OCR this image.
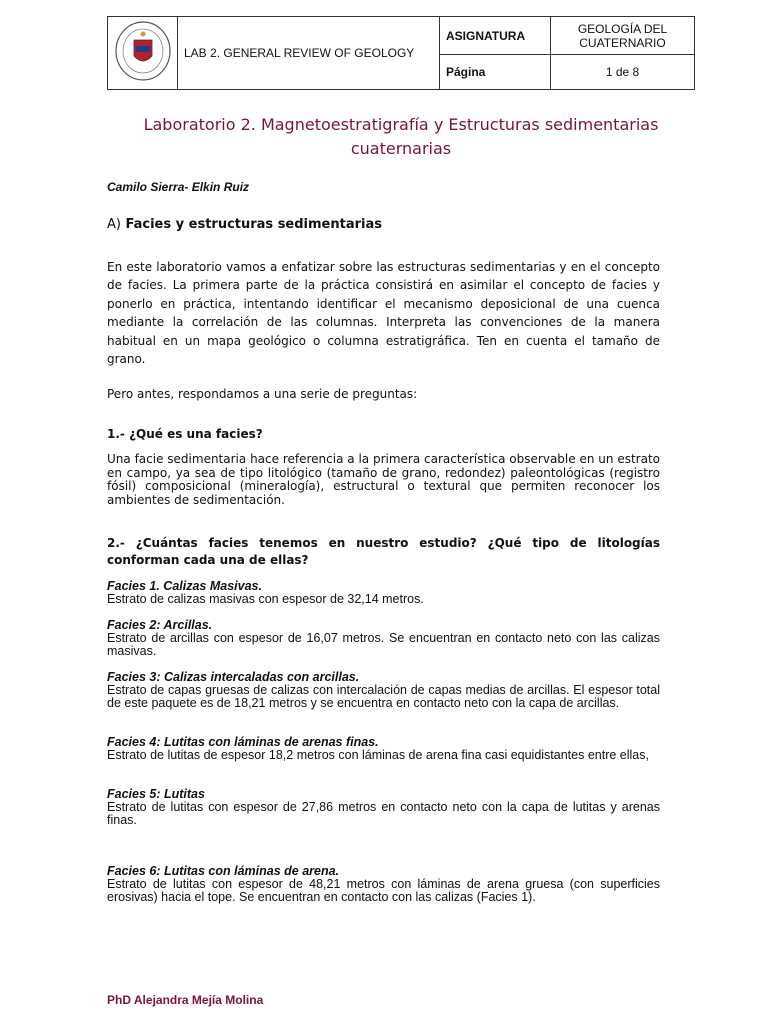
	LAB 2. GENERAL REVIEW OF GEOLOGY	ASIGNATURA	GEOLOGÍA DEL CUATERNARIO
		Página	1 de 8
Laboratorio 2. Magnetoestratigrafía y Estructuras sedimentarias cuaternarias
Camilo Sierra- Elkin Ruiz
A) Facies y estructuras sedimentarias

En este laboratorio vamos a enfatizar sobre las estructuras sedimentarias y en el concepto de facies. La primera parte de la práctica consistirá en asimilar el concepto de facies y ponerlo en práctica, intentando identificar el mecanismo deposicional de una cuenca mediante la correlación de las columnas. Interpreta las convenciones de la manera habitual en un mapa geológico o columna estratigráfica. Ten en cuenta el tamaño de grano.

Pero antes, respondamos a una serie de preguntas:

1.- ¿Qué es una facies?

Una facie sedimentaria hace referencia a la primera característica observable en un estrato en campo, ya sea de tipo litológico (tamaño de grano, redondez) paleontológicas (registro fósil) composicional (mineralogía), estructural o textural que permiten reconocer los ambientes de sedimentación.

2.- ¿Cuántas facies tenemos en nuestro estudio? ¿Qué tipo de litologías conforman cada una de ellas?

Facies 1. Calizas Masivas.
Estrato de calizas masivas con espesor de 32,14 metros.
Facies 2: Arcillas.
Estrato de arcillas con espesor de 16,07 metros. Se encuentran en contacto neto con las calizas masivas.
Facies 3: Calizas intercaladas con arcillas.
Estrato de capas gruesas de calizas con intercalación de capas medias de arcillas. El espesor total de este paquete es de 18,21 metros y se encuentra en contacto neto con la capa de arcillas.
Facies 4: Lutitas con láminas de arenas finas.
Estrato de lutitas de espesor 18,2 metros con láminas de arena fina casi equidistantes entre ellas,
Facies 5: Lutitas
Estrato de lutitas con espesor de 27,86 metros en contacto neto con la capa de lutitas y arenas finas.
Facies 6: Lutitas con láminas de arena.
Estrato de lutitas con espesor de 48,21 metros con láminas de arena gruesa (con superficies erosivas) hacia el tope. Se encuentran en contacto con las calizas (Facies 1).
PhD Alejandra Mejía Molina
